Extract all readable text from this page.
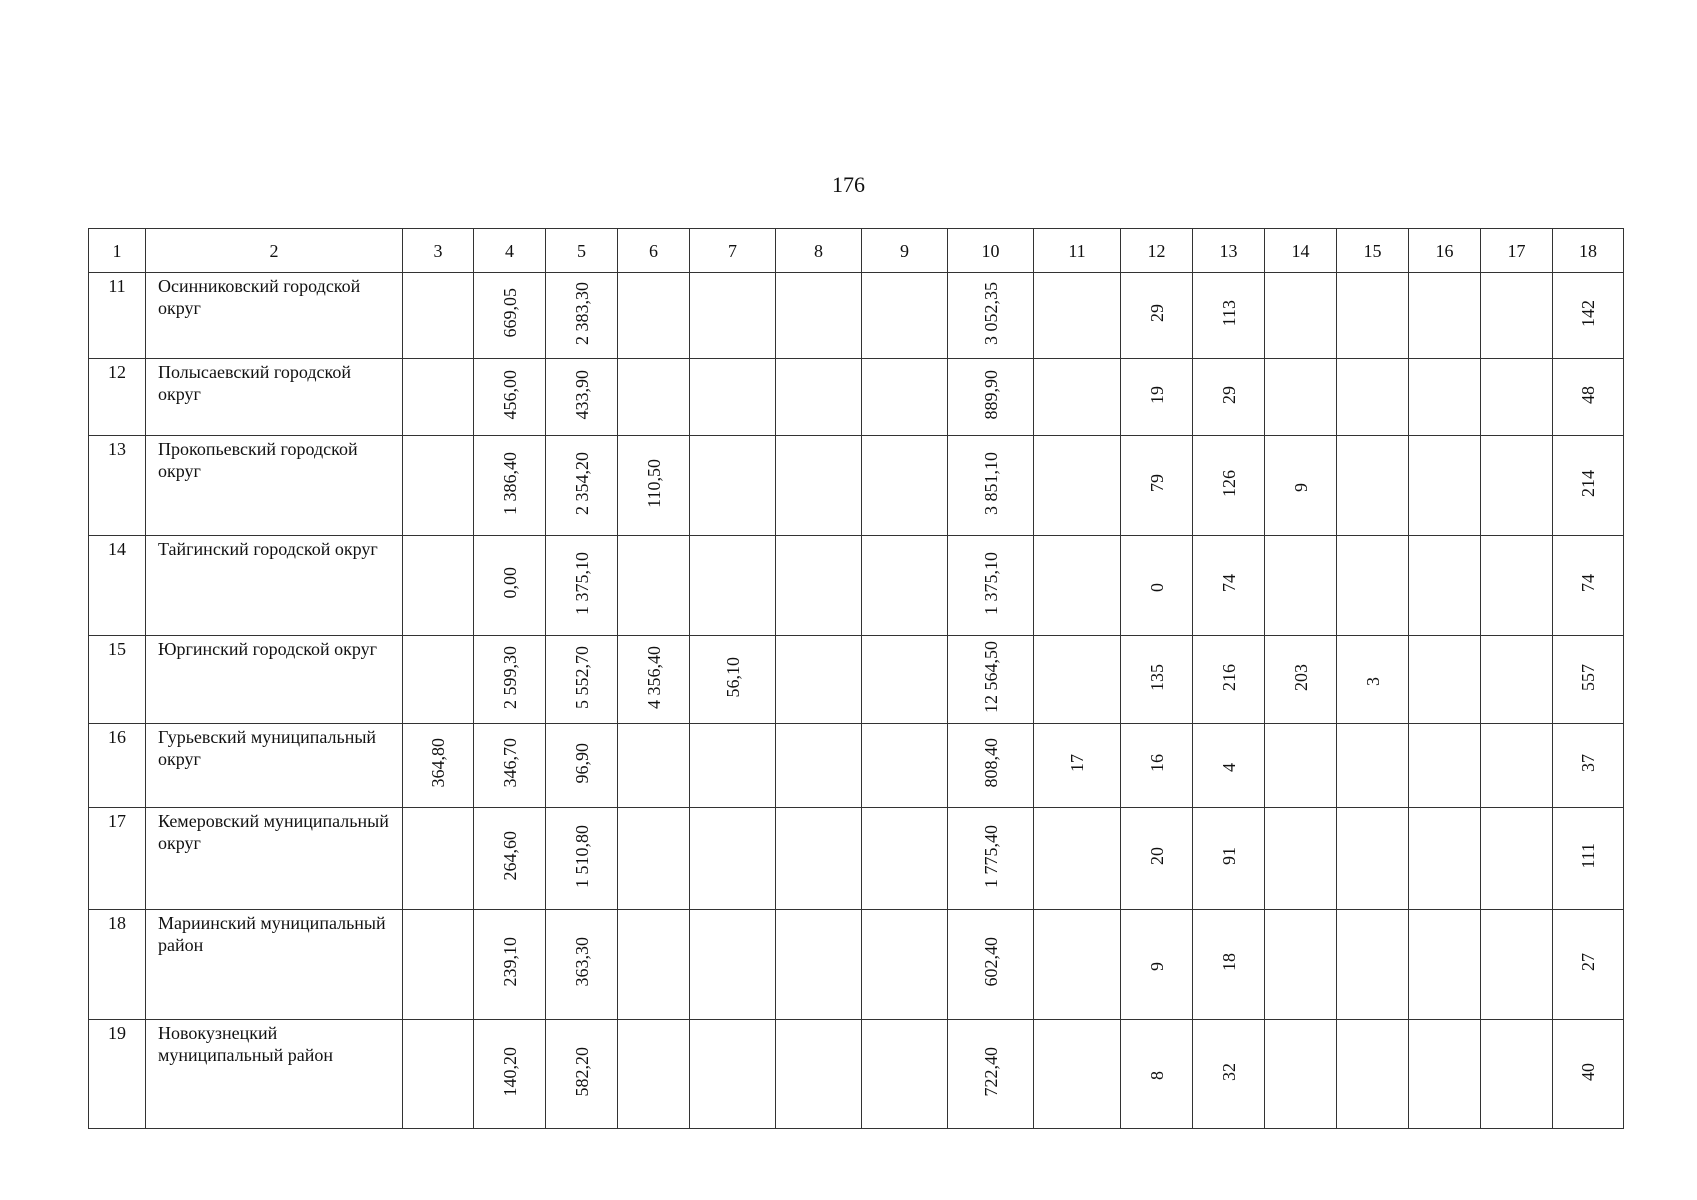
176
1	2	3	4	5	6	7	8	9	10	11	12	13	14	15	16	17	18
11	Осинниковский городской округ		669,05	2 383,30					3 052,35		29	113					142
12	Полысаевский городской округ		456,00	433,90					889,90		19	29					48
13	Прокопьевский городской округ		1 386,40	2 354,20	110,50				3 851,10		79	126	9				214
14	Тайгинский городской округ		0,00	1 375,10					1 375,10		0	74					74
15	Юргинский городской округ		2 599,30	5 552,70	4 356,40	56,10			12 564,50		135	216	203	3			557
16	Гурьевский муниципальный округ	364,80	346,70	96,90					808,40	17	16	4					37
17	Кемеровский муниципальный округ		264,60	1 510,80					1 775,40		20	91					111
18	Мариинский муниципальный район		239,10	363,30					602,40		9	18					27
19	Новокузнецкий муниципальный район		140,20	582,20					722,40		8	32					40
